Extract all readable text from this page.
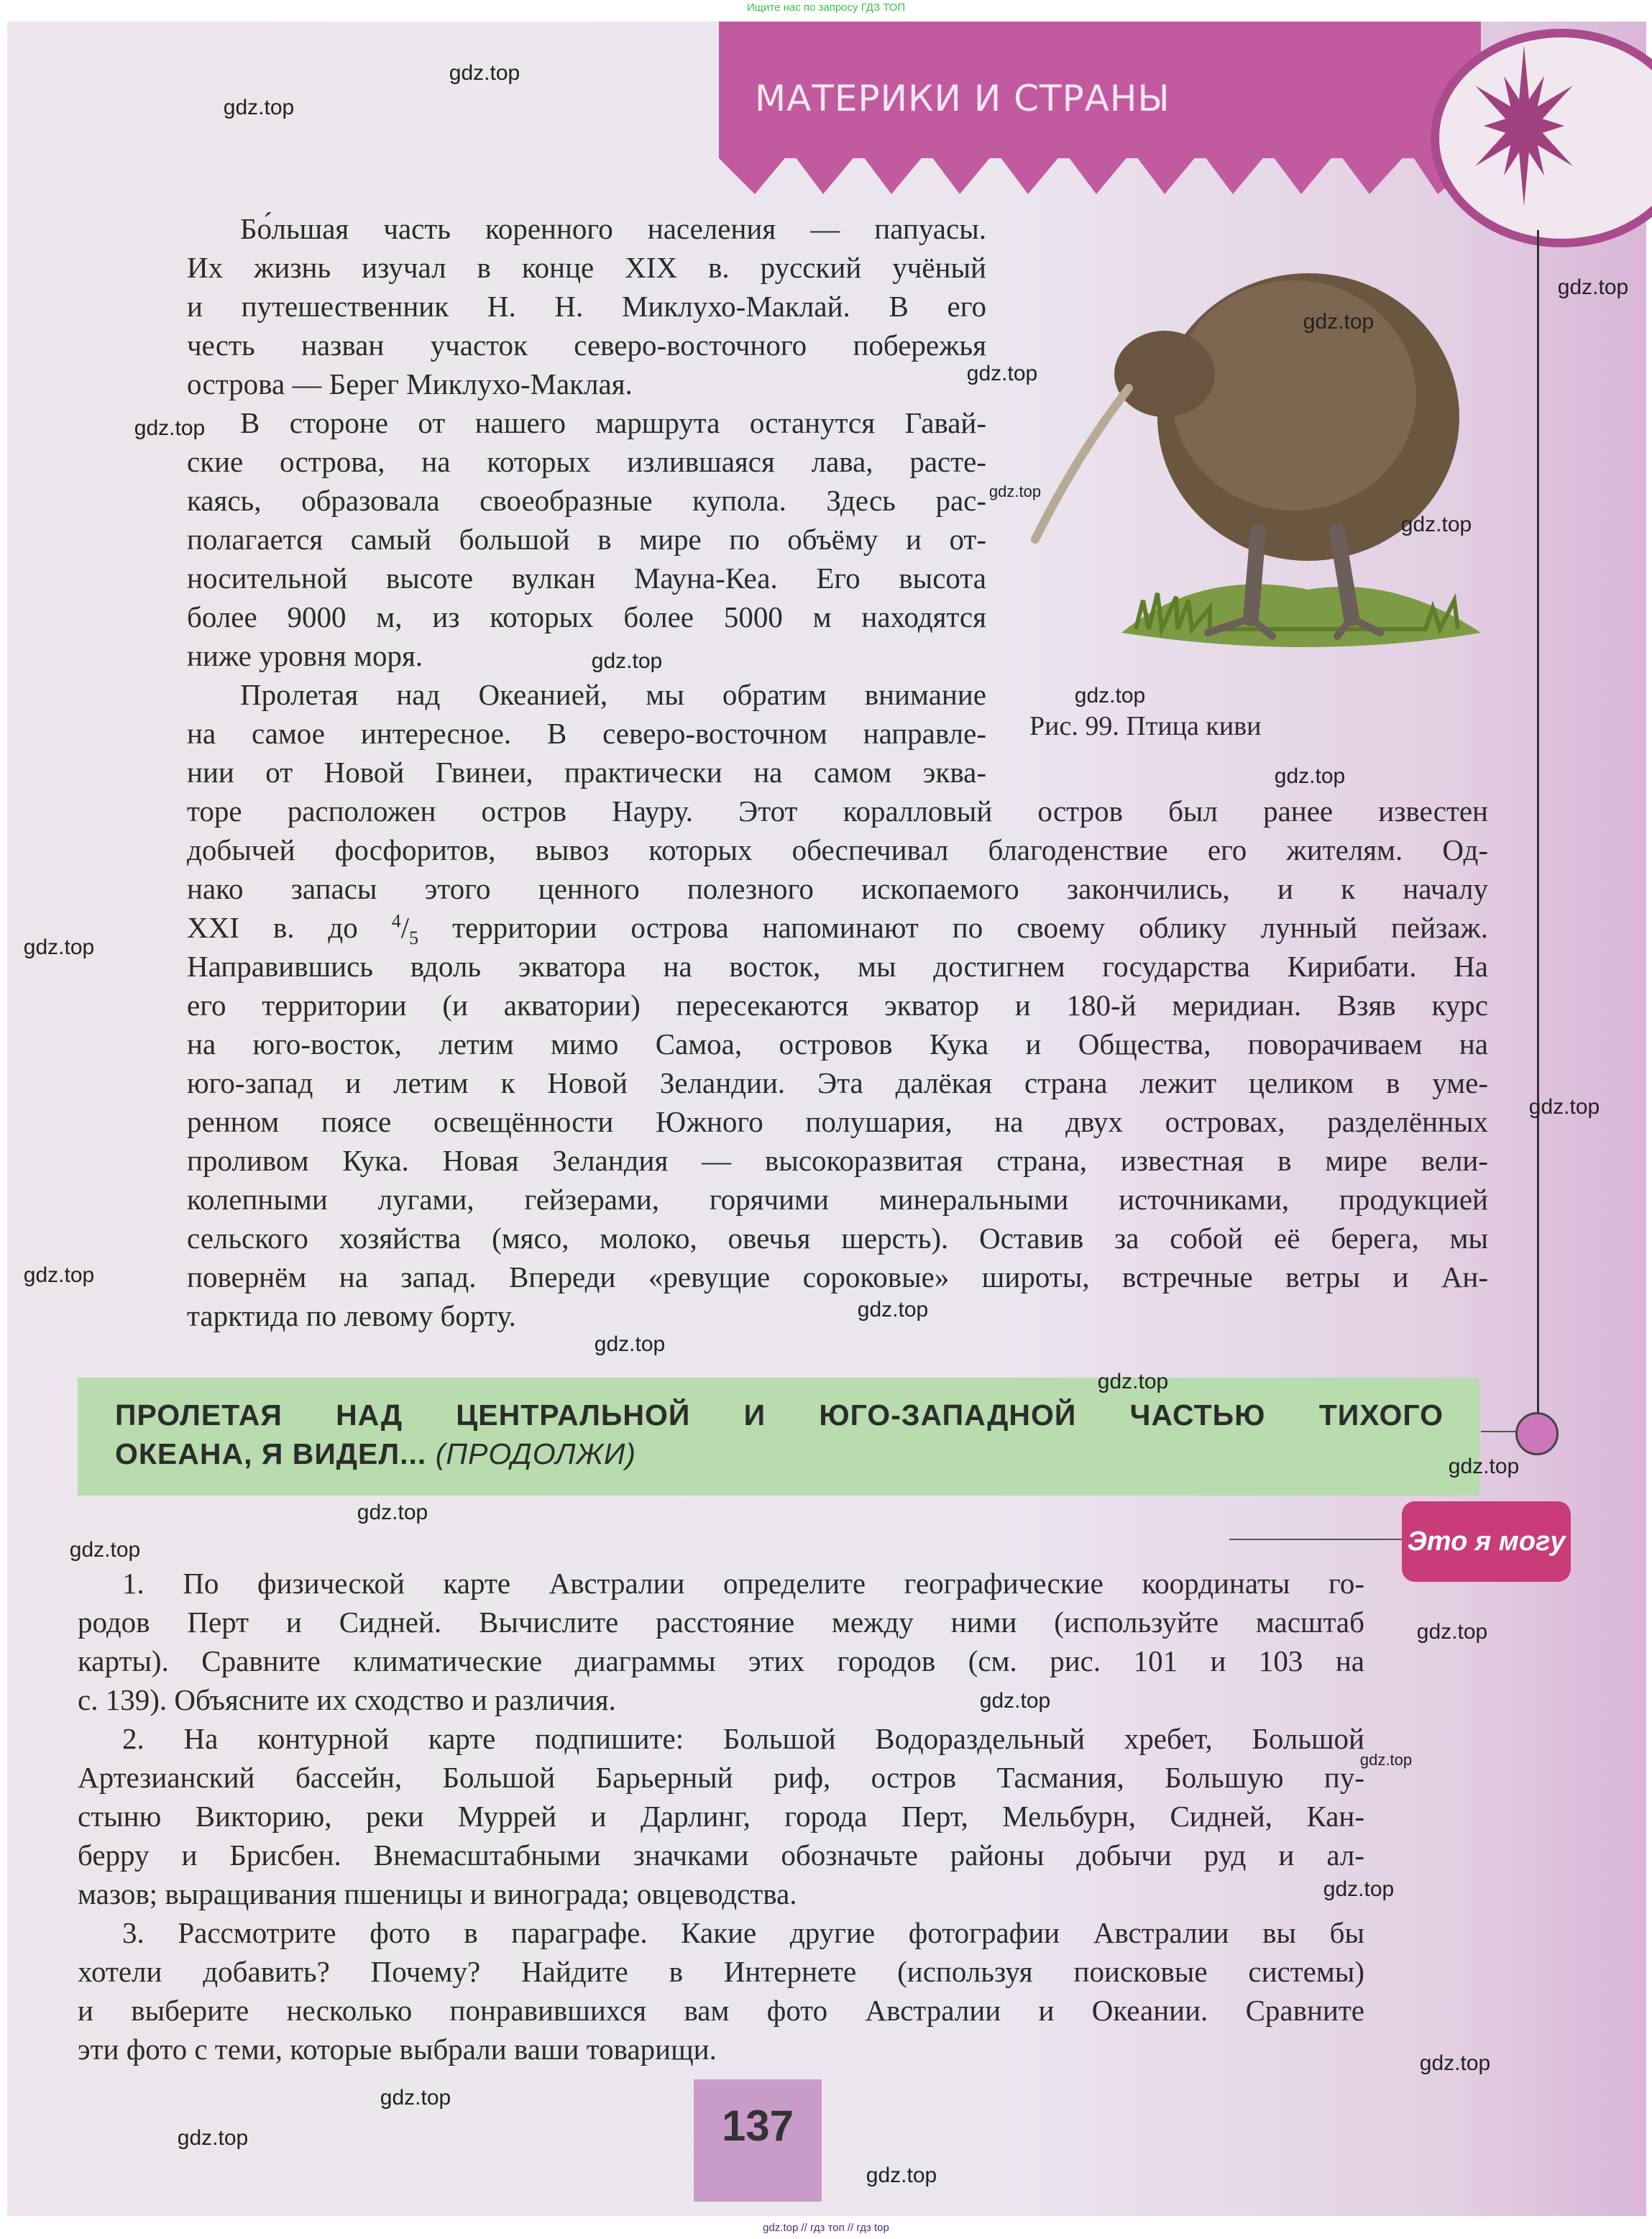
Ищите нас по запросу ГДЗ ТОП
МАТЕРИКИ И СТРАНЫ
Рис. 99. Птица киви
Бо́льшая часть коренного населения — папуасы.
Их жизнь изучал в конце XIX в. русский учёный
и путешественник Н. Н. Миклухо-Маклай. В его
честь назван участок северо-восточного побережья
острова — Берег Миклухо-Маклая.
В стороне от нашего маршрута останутся Гавай-
ские острова, на которых излившаяся лава, расте-
каясь, образовала своеобразные купола. Здесь рас-
полагается самый большой в мире по объёму и от-
носительной высоте вулкан Мауна-Кеа. Его высота
более 9000 м, из которых более 5000 м находятся
ниже уровня моря.
Пролетая над Океанией, мы обратим внимание
на самое интересное. В северо-восточном направле-
нии от Новой Гвинеи, практически на самом эква-
торе расположен остров Науру. Этот коралловый остров был ранее известен
добычей фосфоритов, вывоз которых обеспечивал благоденствие его жителям. Од-
нако запасы этого ценного полезного ископаемого закончились, и к началу
XXI в. до $^4/_5$ территории острова напоминают по своему облику лунный пейзаж.
Направившись вдоль экватора на восток, мы достигнем государства Кирибати. На
его территории (и акватории) пересекаются экватор и 180-й меридиан. Взяв курс
на юго-восток, летим мимо Самоа, островов Кука и Общества, поворачиваем на
юго-запад и летим к Новой Зеландии. Эта далёкая страна лежит целиком в уме-
ренном поясе освещённости Южного полушария, на двух островах, разделённых
проливом Кука. Новая Зеландия — высокоразвитая страна, известная в мире вели-
колепными лугами, гейзерами, горячими минеральными источниками, продукцией
сельского хозяйства (мясо, молоко, овечья шерсть). Оставив за собой её берега, мы
повернём на запад. Впереди «ревущие сороковые» широты, встречные ветры и Ан-
тарктида по левому борту.
ПРОЛЕТАЯ НАД ЦЕНТРАЛЬНОЙ И ЮГО-ЗАПАДНОЙ ЧАСТЬЮ ТИХОГО
ОКЕАНА, Я ВИДЕЛ... (ПРОДОЛЖИ)
Это я могу
1. По физической карте Австралии определите географические координаты го-
родов Перт и Сидней. Вычислите расстояние между ними (используйте масштаб
карты). Сравните климатические диаграммы этих городов (см. рис. 101 и 103 на
с. 139). Объясните их сходство и различия.
2. На контурной карте подпишите: Большой Водораздельный хребет, Большой
Артезианский бассейн, Большой Барьерный риф, остров Тасмания, Большую пу-
стыню Викторию, реки Муррей и Дарлинг, города Перт, Мельбурн, Сидней, Кан-
берру и Брисбен. Внемасштабными значками обозначьте районы добычи руд и ал-
мазов; выращивания пшеницы и винограда; овцеводства.
3. Рассмотрите фото в параграфе. Какие другие фотографии Австралии вы бы
хотели добавить? Почему? Найдите в Интернете (используя поисковые системы)
и выберите несколько понравившихся вам фото Австралии и Океании. Сравните
эти фото с теми, которые выбрали ваши товарищи.
137
gdz.top // гдз топ // гдз top
gdz.top
gdz.top
gdz.top
gdz.top
gdz.top
gdz.top
gdz.top
gdz.top
gdz.top
gdz.top
gdz.top
gdz.top
gdz.top
gdz.top
gdz.top
gdz.top
gdz.top
gdz.top
gdz.top
gdz.top
gdz.top
gdz.top
gdz.top
gdz.top
gdz.top
gdz.top
gdz.top
gdz.top
